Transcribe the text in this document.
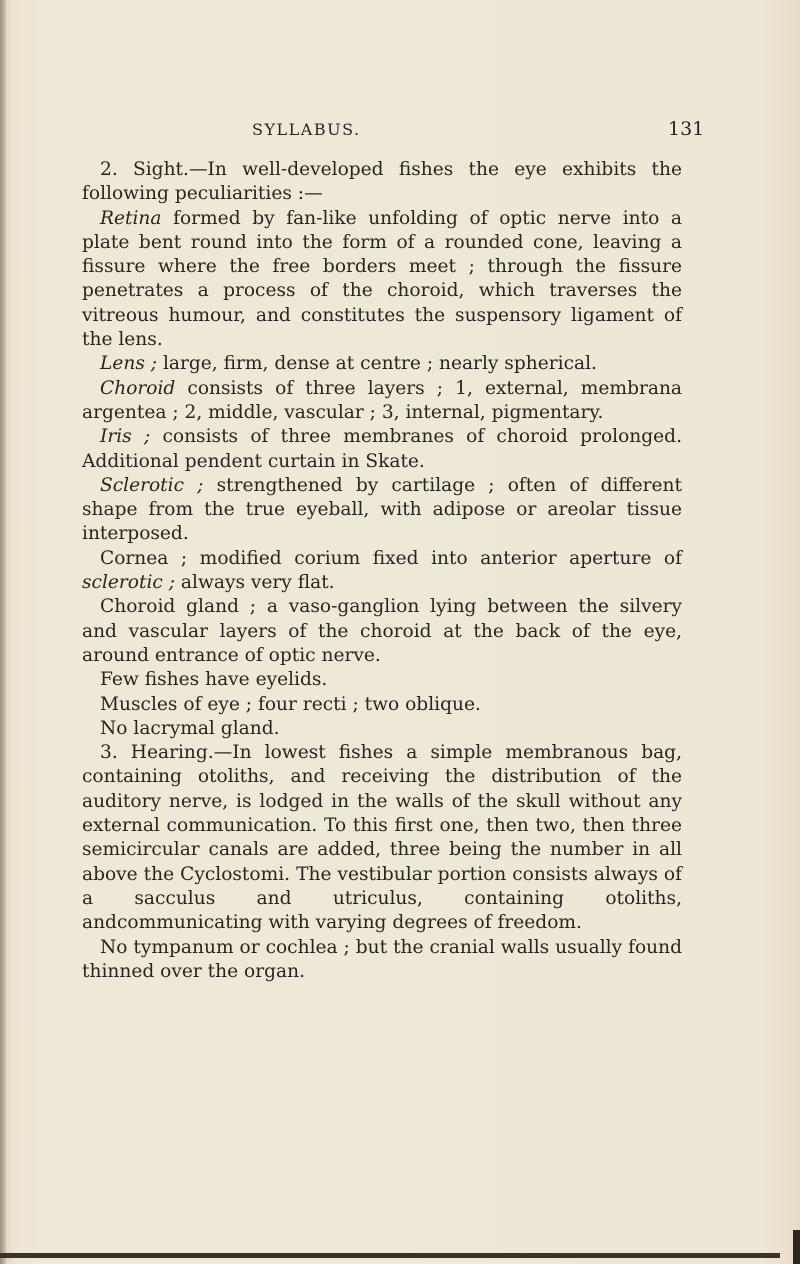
SYLLABUS.	131

2. Sight.—In well-developed fishes the eye exhibits the following peculiarities :—

Retina formed by fan-like unfolding of optic nerve into a plate bent round into the form of a rounded cone, leaving a fissure where the free borders meet ; through the fissure penetrates a process of the choroid, which traverses the vitreous humour, and constitutes the suspensory ligament of the lens.

Lens ; large, firm, dense at centre ; nearly spherical.

Choroid consists of three layers ; 1, external, membrana argentea ; 2, middle, vascular ; 3, internal, pigmentary.

Iris ; consists of three membranes of choroid prolonged. Additional pendent curtain in Skate.

Sclerotic ; strengthened by cartilage ; often of different shape from the true eyeball, with adipose or areolar tissue interposed.

Cornea ; modified corium fixed into anterior aperture of sclerotic ; always very flat.

Choroid gland ; a vaso-ganglion lying between the silvery and vascular layers of the choroid at the back of the eye, around entrance of optic nerve.

Few fishes have eyelids.

Muscles of eye ; four recti ; two oblique.

No lacrymal gland.

3. Hearing.—In lowest fishes a simple membranous bag, containing otoliths, and receiving the distribution of the auditory nerve, is lodged in the walls of the skull without any external communication. To this first one, then two, then three semicircular canals are added, three being the number in all above the Cyclostomi. The vestibular portion consists always of a sacculus and utriculus, containing otoliths, andcommunicating with varying degrees of freedom.

No tympanum or cochlea ; but the cranial walls usually found thinned over the organ.
